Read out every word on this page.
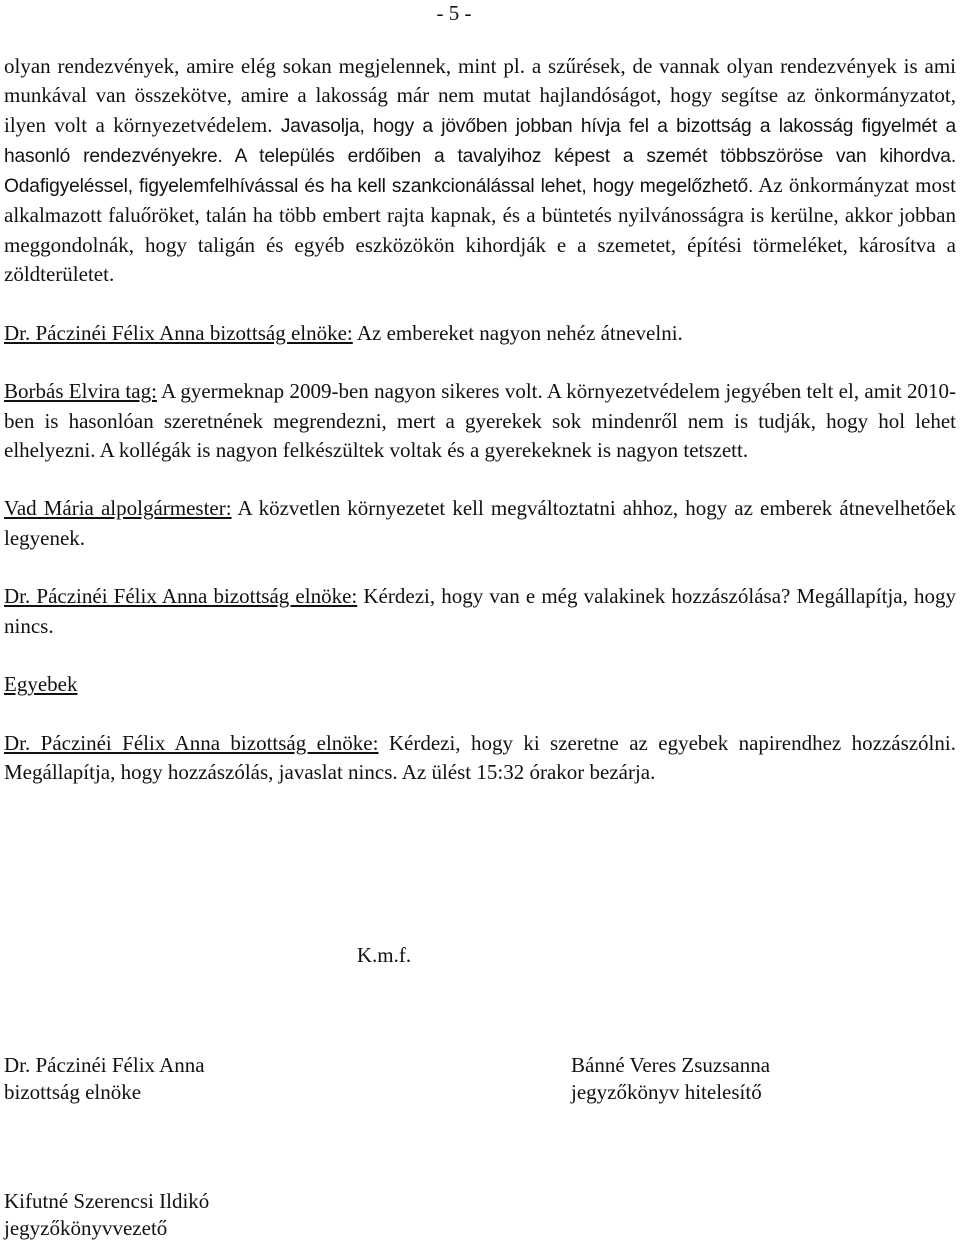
- 5 -

olyan rendezvények, amire elég sokan megjelennek, mint pl. a szűrések, de vannak olyan rendezvények is ami munkával van összekötve, amire a lakosság már nem mutat hajlandóságot, hogy segítse az önkormányzatot, ilyen volt a környezetvédelem. Javasolja, hogy a jövőben jobban hívja fel a bizottság a lakosság figyelmét a hasonló rendezvényekre. A település erdőiben a tavalyihoz képest a szemét többszöröse van kihordva. Odafigyeléssel, figyelemfelhívással és ha kell szankcionálással lehet, hogy megelőzhető. Az önkormányzat most alkalmazott faluőröket, talán ha több embert rajta kapnak, és a büntetés nyilvánosságra is kerülne, akkor jobban meggondolnák, hogy taligán és egyéb eszközökön kihordják e a szemetet, építési törmeléket, károsítva a zöldterületet.

Dr. Páczinéi Félix Anna bizottság elnöke: Az embereket nagyon nehéz átnevelni.

Borbás Elvira tag: A gyermeknap 2009-ben nagyon sikeres volt. A környezetvédelem jegyében telt el, amit 2010-ben is hasonlóan szeretnének megrendezni, mert a gyerekek sok mindenről nem is tudják, hogy hol lehet elhelyezni. A kollégák is nagyon felkészültek voltak és a gyerekeknek is nagyon tetszett.

Vad Mária alpolgármester: A közvetlen környezetet kell megváltoztatni ahhoz, hogy az emberek átnevelhetőek legyenek.

Dr. Páczinéi Félix Anna bizottság elnöke: Kérdezi, hogy van e még valakinek hozzászólása? Megállapítja, hogy nincs.

Egyebek

Dr. Páczinéi Félix Anna bizottság elnöke: Kérdezi, hogy ki szeretne az egyebek napirendhez hozzászólni. Megállapítja, hogy hozzászólás, javaslat nincs. Az ülést 15:32 órakor bezárja.

K.m.f.
Dr. Páczinéi Félix Anna
bizottság elnöke
Bánné Veres Zsuzsanna
jegyzőkönyv hitelesítő
Kifutné Szerencsi Ildikó
jegyzőkönyvvezető
